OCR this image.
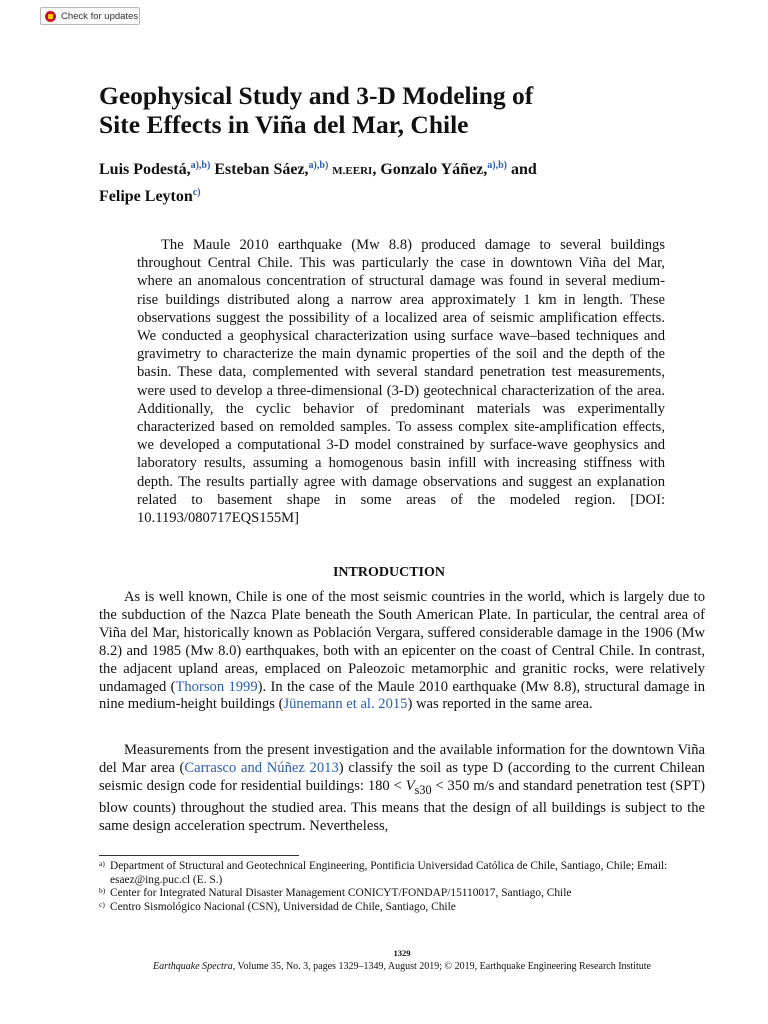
Check for updates
Geophysical Study and 3-D Modeling of
Site Effects in Viña del Mar, Chile
Luis Podestá,$^{a),b)}$ Esteban Sáez,$^{a),b)}$ M.EERI, Gonzalo Yáñez,$^{a),b)}$ and
Felipe Leyton$^{c)}$

The Maule 2010 earthquake (Mw 8.8) produced damage to several buildings throughout Central Chile. This was particularly the case in downtown Viña del Mar, where an anomalous concentration of structural damage was found in several medium-rise buildings distributed along a narrow area approximately 1 km in length. These observations suggest the possibility of a localized area of seismic amplification effects. We conducted a geophysical characterization using surface wave–based techniques and gravimetry to characterize the main dynamic properties of the soil and the depth of the basin. These data, complemented with several standard penetration test measurements, were used to develop a three-dimensional (3-D) geotechnical characterization of the area. Additionally, the cyclic behavior of predominant materials was experimentally characterized based on remolded samples. To assess complex site-amplification effects, we developed a computational 3-D model constrained by surface-wave geophysics and laboratory results, assuming a homogenous basin infill with increasing stiffness with depth. The results partially agree with damage observations and suggest an explanation related to basement shape in some areas of the modeled region. [DOI: 10.1193/080717EQS155M]

INTRODUCTION

As is well known, Chile is one of the most seismic countries in the world, which is largely due to the subduction of the Nazca Plate beneath the South American Plate. In particular, the central area of Viña del Mar, historically known as Población Vergara, suffered considerable damage in the 1906 (Mw 8.2) and 1985 (Mw 8.0) earthquakes, both with an epicenter on the coast of Central Chile. In contrast, the adjacent upland areas, emplaced on Paleozoic metamorphic and granitic rocks, were relatively undamaged (Thorson 1999). In the case of the Maule 2010 earthquake (Mw 8.8), structural damage in nine medium-height buildings (Jünemann et al. 2015) was reported in the same area.

Measurements from the present investigation and the available information for the downtown Viña del Mar area (Carrasco and Núñez 2013) classify the soil as type D (according to the current Chilean seismic design code for residential buildings: $180 < V_{s30} < 350$ m/s and standard penetration test (SPT) blow counts) throughout the studied area. This means that the design of all buildings is subject to the same design acceleration spectrum. Nevertheless,

a) Department of Structural and Geotechnical Engineering, Pontificia Universidad Católica de Chile, Santiago, Chile; Email: esaez@ing.puc.cl (E. S.)

b) Center for Integrated Natural Disaster Management CONICYT/FONDAP/15110017, Santiago, Chile

c) Centro Sismológico Nacional (CSN), Universidad de Chile, Santiago, Chile

1329
Earthquake Spectra, Volume 35, No. 3, pages 1329–1349, August 2019; © 2019, Earthquake Engineering Research Institute
